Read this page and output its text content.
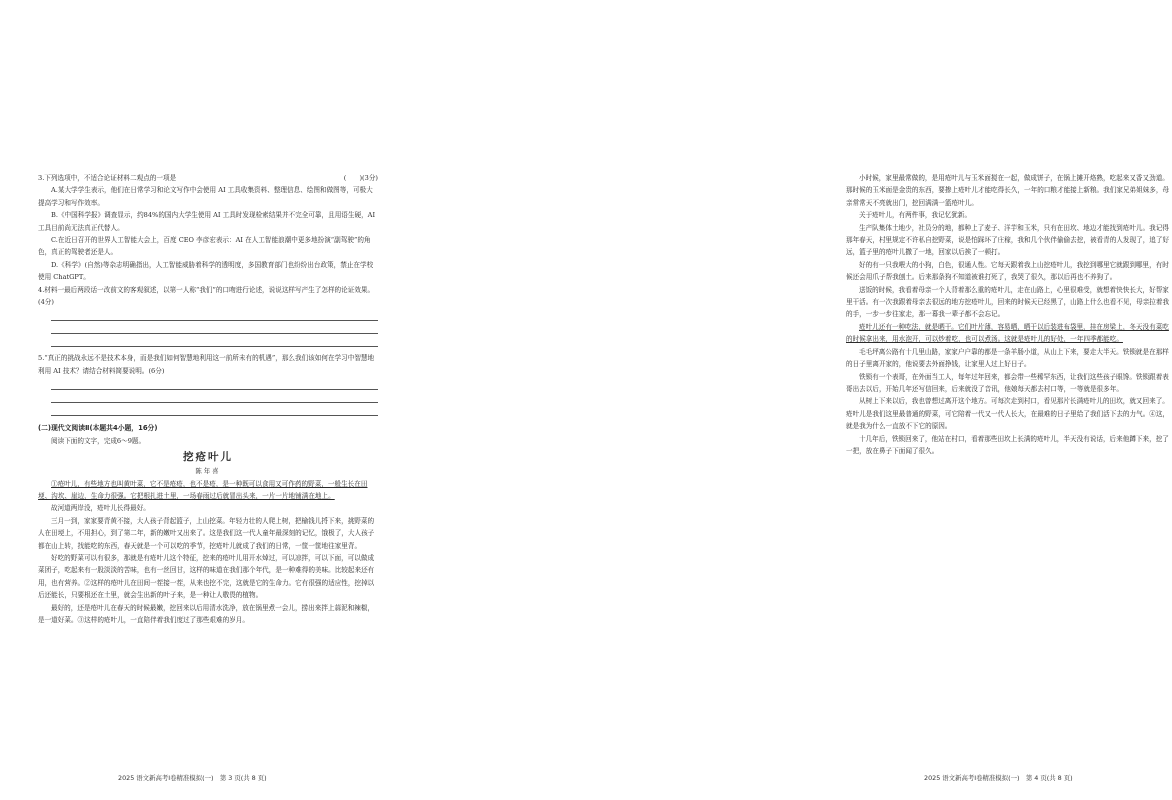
3.下列选项中，不适合论证材料二观点的一项是	(　　)(3分)

A.某大学学生表示，他们在日常学习和论文写作中会使用 AI 工具收集资料、整理信息、绘图和做图等，可极大提高学习和写作效率。

B.《中国科学报》调查显示，约84%的国内大学生使用 AI 工具时发现检索结果并不完全可靠，且用语生硬，AI 工具目前尚无法真正代替人。

C.在近日召开的世界人工智能大会上，百度 CEO 李彦宏表示：AI 在人工智能浪潮中更多地扮演“副驾驶”的角色，真正的驾驶者还是人。

D.《科学》(自然)等杂志明确指出，人工智能威胁着科学的透明度，多国教育部门也纷纷出台政策，禁止在学校使用 ChatGPT。

4.材料一最后两段话一改前文的客观叙述，以第一人称“我们”的口吻进行论述，说说这样写产生了怎样的论证效果。(4分)

5.“真正的挑战永远不是技术本身，而是我们如何智慧地利用这一前所未有的机遇”，那么我们该如何在学习中智慧地利用 AI 技术？请结合材料简要说明。(6分)

(二)现代文阅读Ⅱ(本题共4小题，16分)

阅读下面的文字，完成6～9题。

挖疮叶儿
陈年喜

①疮叶儿，有些地方也叫黄叶菜，它不是疮疮，也不是疮，是一种既可以食用又可作药的野菜，一般生长在田埂、沟坎、崖边，生命力很强。它把根扎进土里，一场春雨过后就冒出头来，一片一片地铺满在地上。

故河道两岸没，疮叶儿长得最好。

三月一到，家家要青黄不接，大人孩子背起篮子，上山挖菜。年轻力壮的人爬上树，把榆钱儿捋下来，挑野菜的人在田埂上，不用担心，到了第二年，新的嫩叶又出来了。这是我们这一代人童年最深刻的记忆，饿极了，大人孩子都在山上转，找能吃的东西，春天就是一个可以吃的季节，挖疮叶儿就成了我们的日常，一筐一筐地往家里背。

好吃的野菜可以有很多，那就是有疮叶儿这个特征，挖来的疮叶儿用开水焯过，可以凉拌，可以下面，可以做成菜团子，吃起来有一股淡淡的苦味，也有一丝回甘，这样的味道在我们那个年代，是一种难得的美味。比较起来还有用，也有营养。②这样的疮叶儿在田间一茬接一茬，从来也挖不完，这就是它的生命力。它有很强的适应性，挖掉以后还能长，只要根还在土里，就会生出新的叶子来，是一种让人敬畏的植物。

最好的，还是疮叶儿在春天的时候最嫩，挖回来以后用清水洗净，放在锅里煮一会儿，捞出来拌上蒜泥和辣椒，是一道好菜。③这样的疮叶儿，一直陪伴着我们度过了那些艰难的岁月。

2025 语文新高考Ⅰ卷精准模拟(一)　第 3 页(共 8 页)

小时候，家里最常做的，是用疮叶儿与玉米面搅在一起，做成饼子，在锅上摊开烙熟，吃起来又香又劲道。那时候的玉米面是金贵的东西，要掺上疮叶儿才能吃得长久，一年的口粮才能接上新粮。我们家兄弟姐妹多，母亲常常天不亮就出门，挖回满满一篮疮叶儿。

关于疮叶儿，有两件事，我记忆犹新。

生产队集体土地少，社员分的地，都种上了麦子、洋芋和玉米，只有在田坎、地边才能找到疮叶儿。我记得那年春天，村里规定不许私自挖野菜，说是怕踩坏了庄稼，我和几个伙伴偷偷去挖，被看青的人发现了，追了好远，篮子里的疮叶儿撒了一地，回家以后挨了一顿打。

好的有一只我喂大的小狗，白色，很通人性。它每天跟着我上山挖疮叶儿，我挖到哪里它就跟到哪里，有时候还会用爪子帮我刨土。后来那条狗不知道被谁打死了，我哭了很久，那以后再也不养狗了。

送饭的时候，我看着母亲一个人背着那么重的疮叶儿，走在山路上，心里很难受，就想着快快长大，好帮家里干活。有一次我跟着母亲去很远的地方挖疮叶儿，回来的时候天已经黑了，山路上什么也看不见，母亲拉着我的手，一步一步往家走，那一幕我一辈子都不会忘记。

疮叶儿还有一种吃法，就是晒干。它们叶片薄，容易晒，晒干以后装进布袋里，挂在房梁上，冬天没有菜吃的时候拿出来，用水泡开，可以炒着吃，也可以煮汤。这就是疮叶儿的好处，一年四季都能吃。

毛毛坪离公路有十几里山路，家家户户靠的都是一条羊肠小道，从山上下来，要走大半天。铁锁就是在那样的日子里离开家的，他说要去外面挣钱，让家里人过上好日子。

铁锁有一个表哥，在外面当工人，每年过年回来，都会带一些稀罕东西，让我们这些孩子眼馋。铁锁跟着表哥出去以后，开始几年还写信回来，后来就没了音讯，他娘每天都去村口等，一等就是很多年。

从树上下来以后，我也曾想过离开这个地方。可每次走到村口，看见那片长满疮叶儿的田坎，就又回来了。疮叶儿是我们这里最普通的野菜，可它陪着一代又一代人长大，在最难的日子里给了我们活下去的力气。④这，就是我为什么一直放不下它的原因。

十几年后，铁锁回来了，他站在村口，看着那些田坎上长满的疮叶儿，半天没有说话，后来他蹲下来，挖了一把，放在鼻子下面闻了很久。

2025 语文新高考Ⅰ卷精准模拟(一)　第 4 页(共 8 页)
